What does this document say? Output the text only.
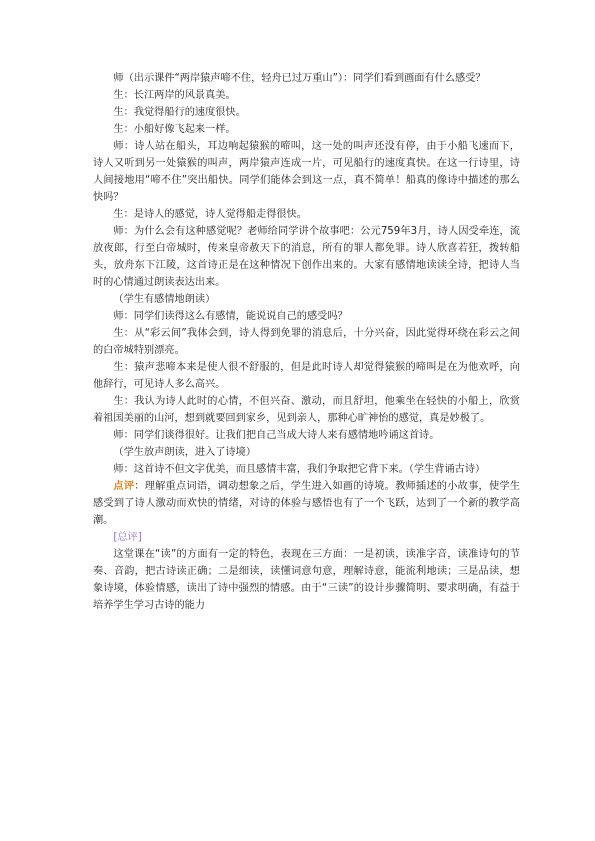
师（出示课件“两岸猿声啼不住，轻舟已过万重山”）：同学们看到画面有什么感受？

生：长江两岸的风景真美。

生：我觉得船行的速度很快。

生：小船好像飞起来一样。

师：诗人站在船头，耳边响起猿猴的啼叫，这一处的叫声还没有停，由于小船飞速而下，诗人又听到另一处猿猴的叫声，两岸猿声连成一片，可见船行的速度真快。在这一行诗里，诗人间接地用“啼不住”突出船快。同学们能体会到这一点，真不简单！船真的像诗中描述的那么快吗？

生：是诗人的感觉，诗人觉得船走得很快。

师：为什么会有这种感觉呢？老师给同学讲个故事吧：公元759年3月，诗人因受牵连，流放夜郎，行至白帝城时，传来皇帝赦天下的消息，所有的罪人都免罪。诗人欣喜若狂，拨转船头，放舟东下江陵，这首诗正是在这种情况下创作出来的。大家有感情地读读全诗，把诗人当时的心情通过朗读表达出来。

（学生有感情地朗读）

师：同学们读得这么有感情，能说说自己的感受吗？

生：从“彩云间”我体会到，诗人得到免罪的消息后，十分兴奋，因此觉得环绕在彩云之间的白帝城特别漂亮。

生：猿声悲啼本来是使人很不舒服的，但是此时诗人却觉得猿猴的啼叫是在为他欢呼，向他辞行，可见诗人多么高兴。

生：我认为诗人此时的心情，不但兴奋、激动，而且舒坦，他乘坐在轻快的小船上，欣赏着祖国美丽的山河，想到就要回到家乡，见到亲人，那种心旷神怡的感觉，真是妙极了。

师：同学们谈得很好。让我们把自己当成大诗人来有感情地吟诵这首诗。

（学生放声朗读，进入了诗境）

师：这首诗不但文字优美，而且感情丰富，我们争取把它背下来。（学生背诵古诗）

点评：理解重点词语，调动想象之后，学生进入如画的诗境。教师插述的小故事，使学生感受到了诗人激动而欢快的情绪，对诗的体验与感悟也有了一个飞跃，达到了一个新的教学高潮。

[总评]

这堂课在“读”的方面有一定的特色，表现在三方面：一是初读，读准字音，读准诗句的节奏、音韵，把古诗读正确；二是细读，读懂词意句意，理解诗意，能流利地读；三是品读，想象诗境，体验情感，读出了诗中强烈的情感。由于“三读”的设计步骤简明、要求明确，有益于培养学生学习古诗的能力
